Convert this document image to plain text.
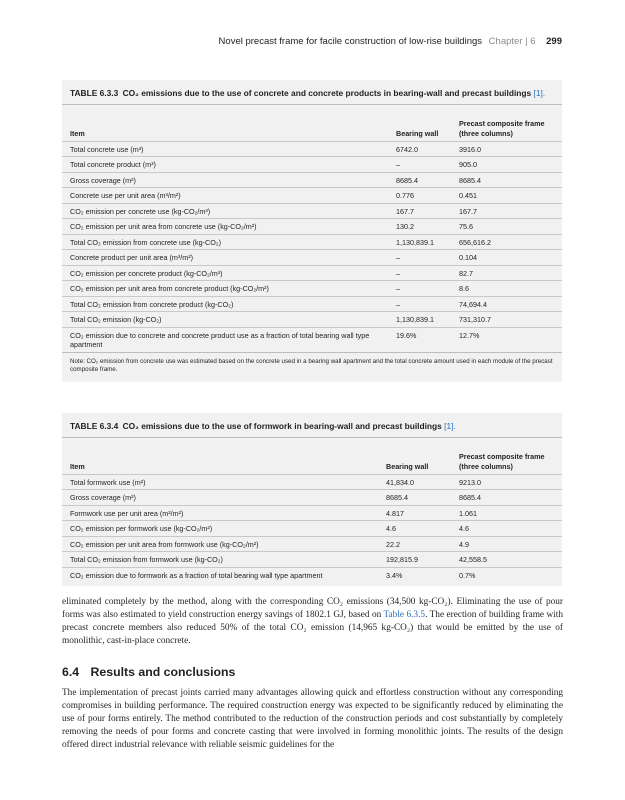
Novel precast frame for facile construction of low-rise buildings Chapter | 6 299
TABLE 6.3.3 CO₂ emissions due to the use of concrete and concrete products in bearing-wall and precast buildings [1].
Item	Bearing wall	Precast composite frame (three columns)
Total concrete use (m³)	6742.0	3916.0
Total concrete product (m³)	–	905.0
Gross coverage (m²)	8685.4	8685.4
Concrete use per unit area (m³/m²)	0.776	0.451
CO₂ emission per concrete use (kg-CO₂/m³)	167.7	167.7
CO₂ emission per unit area from concrete use (kg-CO₂/m²)	130.2	75.6
Total CO₂ emission from concrete use (kg-CO₂)	1,130,839.1	656,616.2
Concrete product per unit area (m³/m²)	–	0.104
CO₂ emission per concrete product (kg-CO₂/m³)	–	82.7
CO₂ emission per unit area from concrete product (kg-CO₂/m²)	–	8.6
Total CO₂ emission from concrete product (kg-CO₂)	–	74,694.4
Total CO₂ emission (kg-CO₂)	1,130,839.1	731,310.7
CO₂ emission due to concrete and concrete product use as a fraction of total bearing wall type apartment	19.6%	12.7%
Note: CO₂ emission from concrete use was estimated based on the concrete used in a bearing wall apartment and the total concrete amount used in each module of the precast composite frame.
TABLE 6.3.4 CO₂ emissions due to the use of formwork in bearing-wall and precast buildings [1].
Item	Bearing wall	Precast composite frame (three columns)
Total formwork use (m²)	41,834.0	9213.0
Gross coverage (m²)	8685.4	8685.4
Formwork use per unit area (m²/m²)	4.817	1.061
CO₂ emission per formwork use (kg-CO₂/m²)	4.6	4.6
CO₂ emission per unit area from formwork use (kg-CO₂/m²)	22.2	4.9
Total CO₂ emission from formwork use (kg-CO₂)	192,815.9	42,558.5
CO₂ emission due to formwork as a fraction of total bearing wall type apartment	3.4%	0.7%
eliminated completely by the method, along with the corresponding CO₂ emissions (34,500 kg-CO₂). Eliminating the use of pour forms was also estimated to yield construction energy savings of 1802.1 GJ, based on Table 6.3.5. The erection of building frame with precast concrete members also reduced 50% of the total CO₂ emission (14,965 kg-CO₂) that would be emitted by the use of monolithic, cast-in-place concrete.
6.4 Results and conclusions
The implementation of precast joints carried many advantages allowing quick and effortless construction without any corresponding compromises in building performance. The required construction energy was expected to be significantly reduced by eliminating the use of pour forms entirely. The method contributed to the reduction of the construction periods and cost substantially by completely removing the needs of pour forms and concrete casting that were involved in forming monolithic joints. The results of the design offered direct industrial relevance with reliable seismic guidelines for the
